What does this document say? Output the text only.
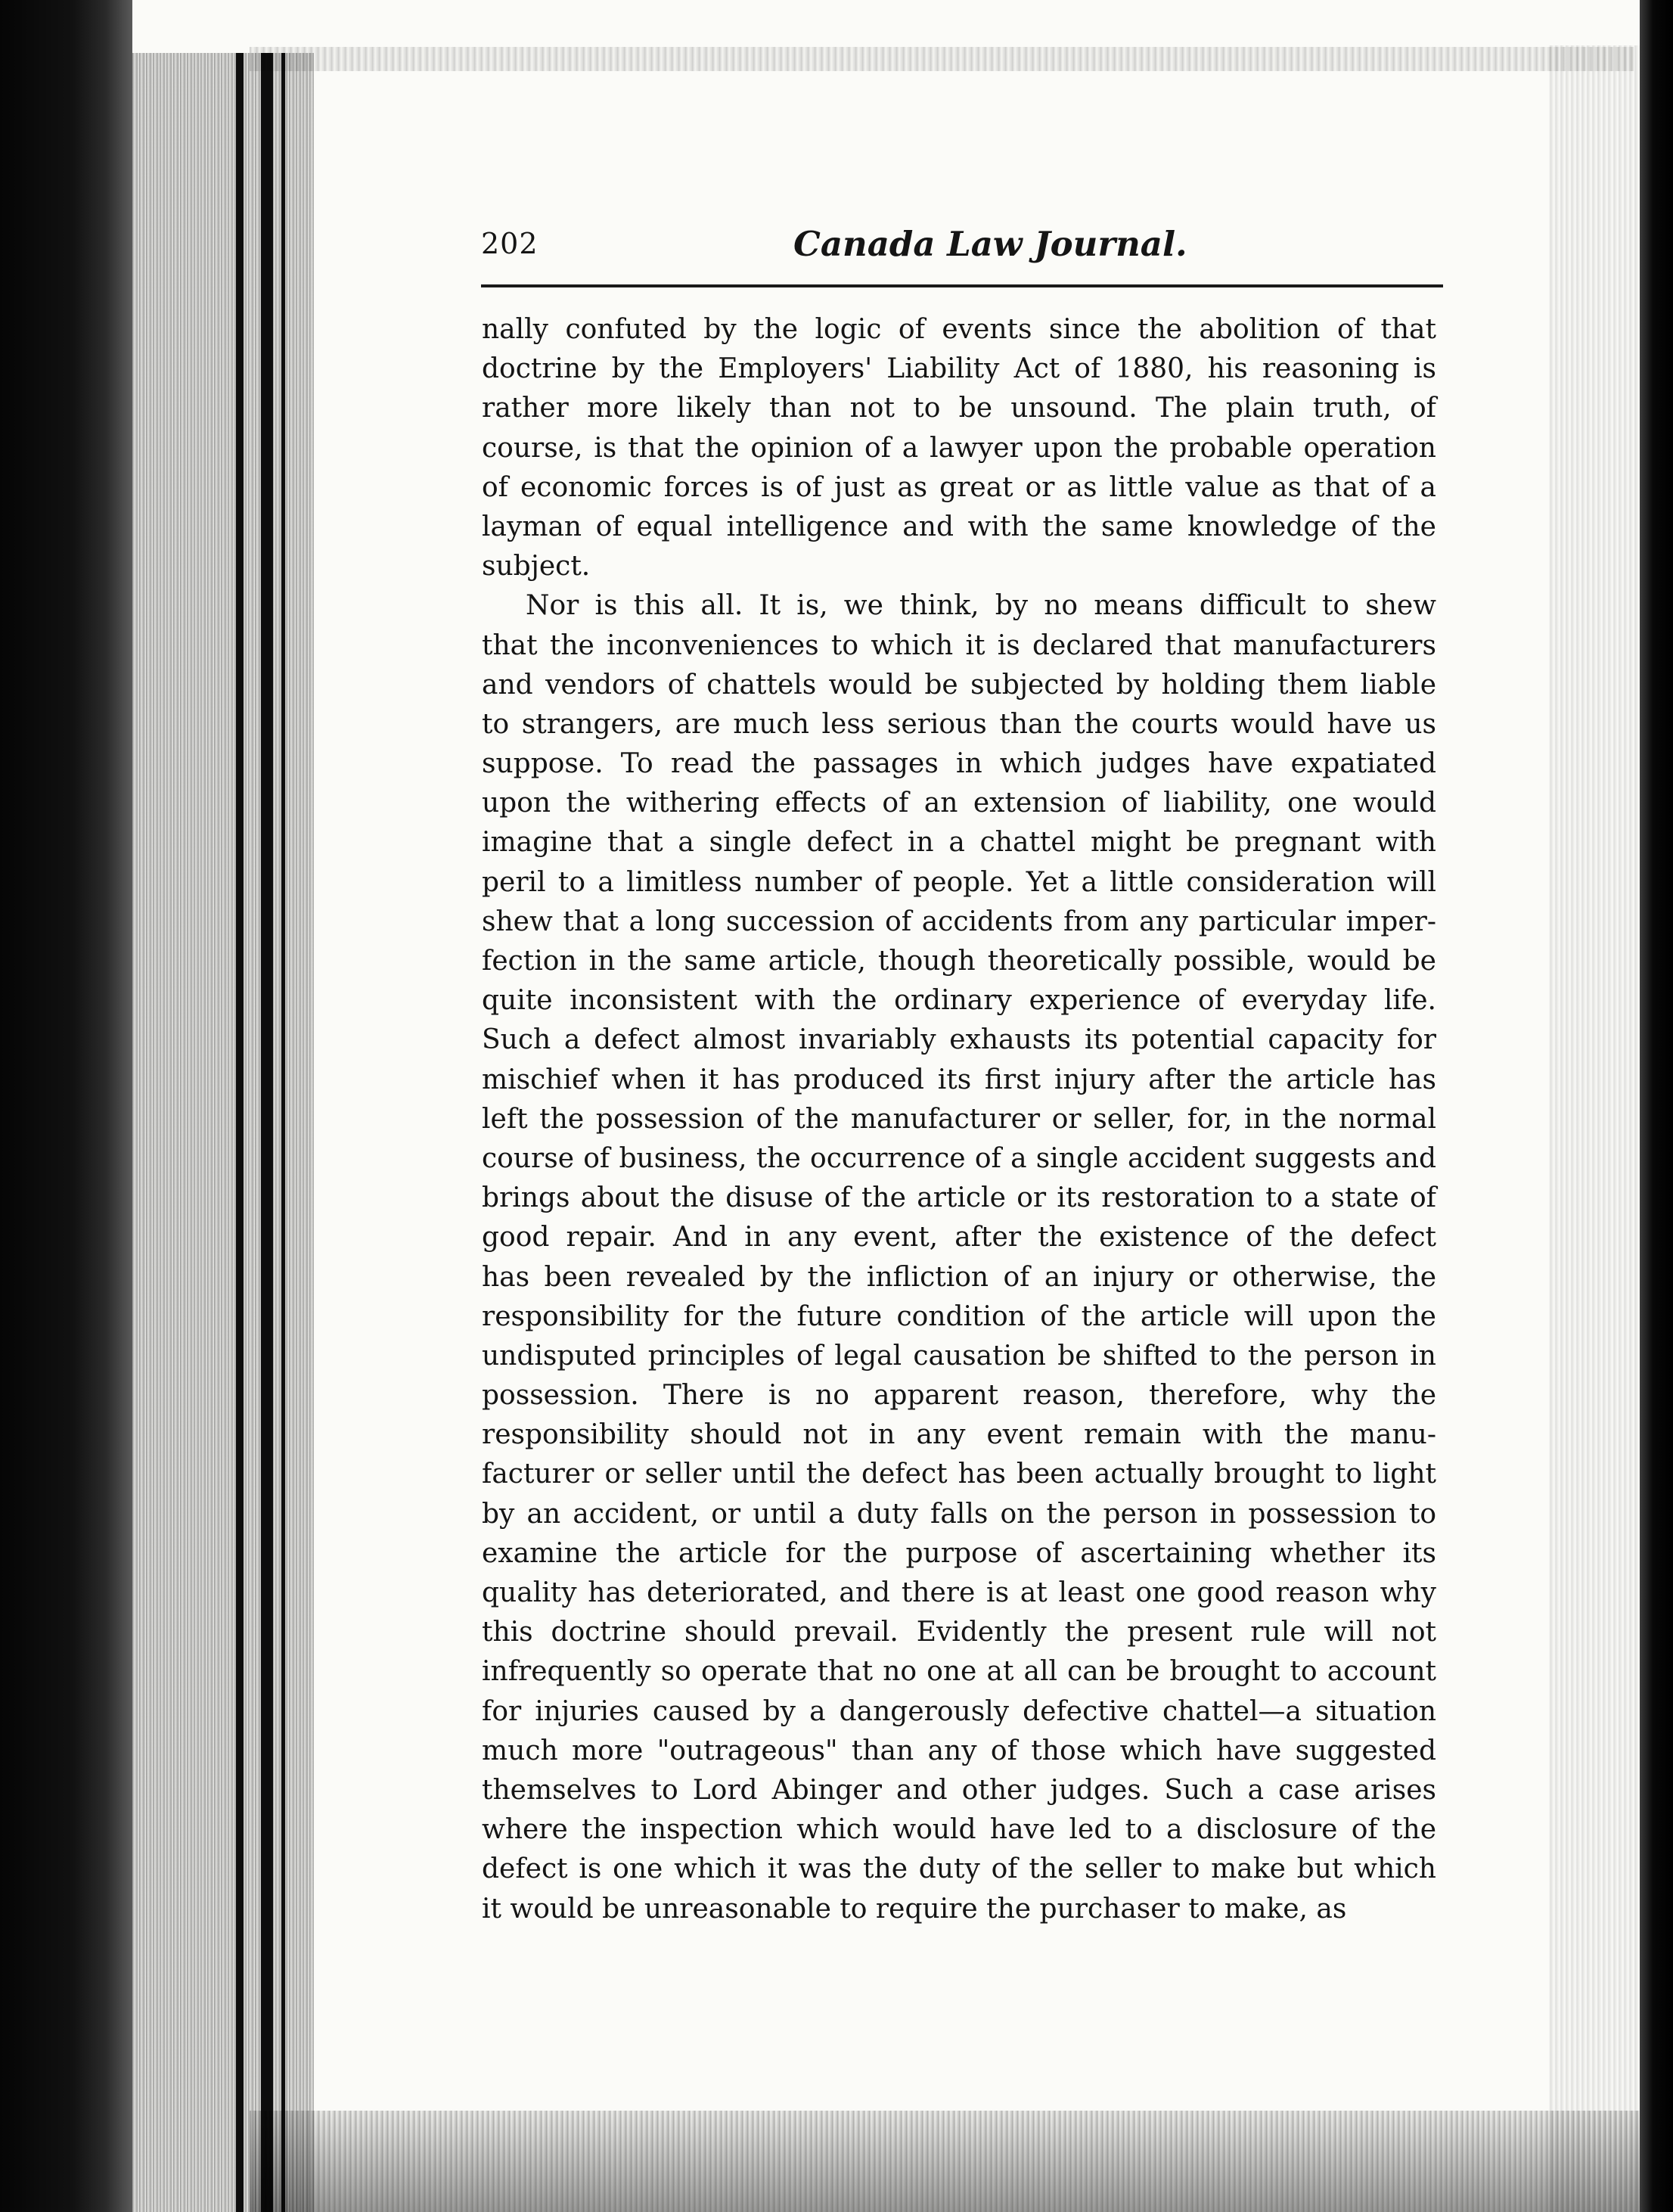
202	Canada Law Journal.
nally confuted by the logic of events since the abolition of that
doctrine by the Employers' Liability Act of 1880, his reasoning is
rather more likely than not to be unsound. The plain truth, of
course, is that the opinion of a lawyer upon the probable operation
of economic forces is of just as great or as little value as that of a
layman of equal intelligence and with the same knowledge of the
subject.
Nor is this all. It is, we think, by no means difficult to shew
that the inconveniences to which it is declared that manufacturers
and vendors of chattels would be subjected by holding them liable
to strangers, are much less serious than the courts would have us
suppose. To read the passages in which judges have expatiated
upon the withering effects of an extension of liability, one would
imagine that a single defect in a chattel might be pregnant with
peril to a limitless number of people. Yet a little consideration will
shew that a long succession of accidents from any particular imper-
fection in the same article, though theoretically possible, would be
quite inconsistent with the ordinary experience of everyday life.
Such a defect almost invariably exhausts its potential capacity for
mischief when it has produced its first injury after the article has
left the possession of the manufacturer or seller, for, in the normal
course of business, the occurrence of a single accident suggests and
brings about the disuse of the article or its restoration to a state of
good repair. And in any event, after the existence of the defect
has been revealed by the infliction of an injury or otherwise, the
responsibility for the future condition of the article will upon the
undisputed principles of legal causation be shifted to the person in
possession. There is no apparent reason, therefore, why the
responsibility should not in any event remain with the manu-
facturer or seller until the defect has been actually brought to light
by an accident, or until a duty falls on the person in possession to
examine the article for the purpose of ascertaining whether its
quality has deteriorated, and there is at least one good reason why
this doctrine should prevail. Evidently the present rule will not
infrequently so operate that no one at all can be brought to account
for injuries caused by a dangerously defective chattel—a situation
much more "outrageous" than any of those which have suggested
themselves to Lord Abinger and other judges. Such a case arises
where the inspection which would have led to a disclosure of the
defect is one which it was the duty of the seller to make but which
it would be unreasonable to require the purchaser to make, as
